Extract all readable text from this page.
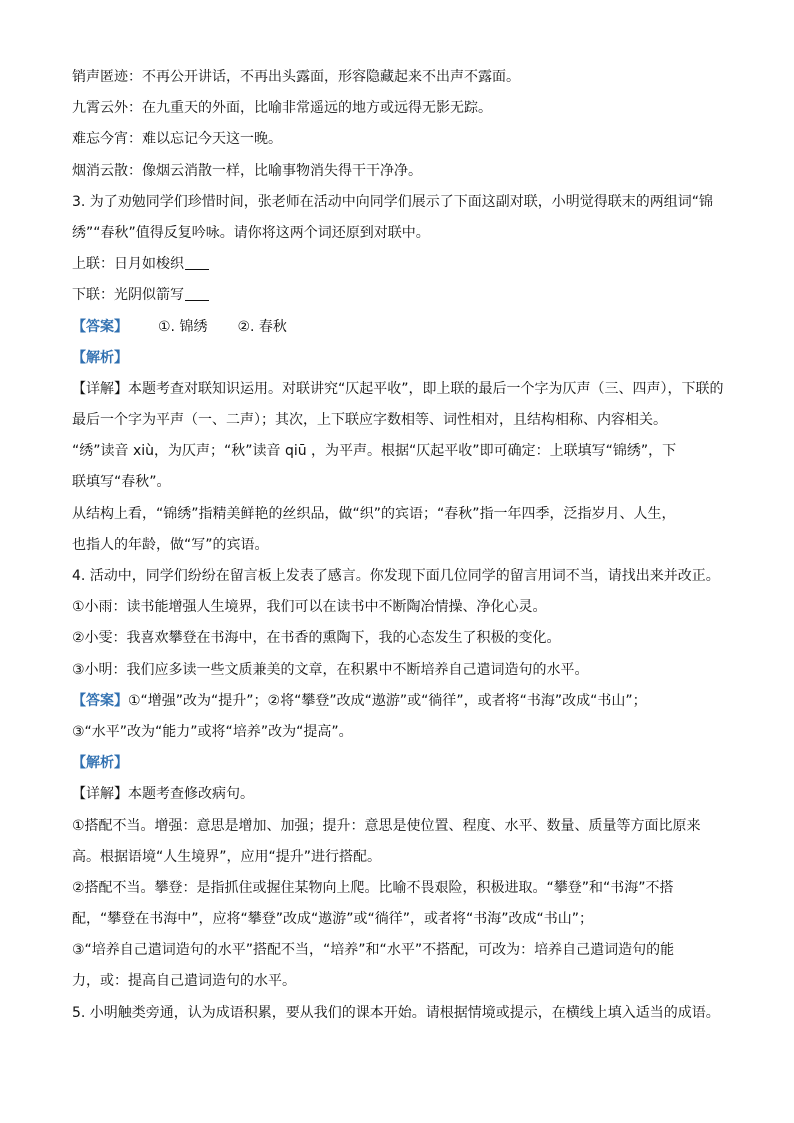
销声匿迹：不再公开讲话，不再出头露面，形容隐藏起来不出声不露面。
九霄云外：在九重天的外面，比喻非常遥远的地方或远得无影无踪。
难忘今宵：难以忘记今天这一晚。
烟消云散：像烟云消散一样，比喻事物消失得干干净净。
3. 为了劝勉同学们珍惜时间，张老师在活动中向同学们展示了下面这副对联，小明觉得联末的两组词“锦
绣”“春秋”值得反复吟咏。请你将这两个词还原到对联中。
上联：日月如梭织
下联：光阴似箭写
【答案】 ①. 锦绣 ②. 春秋
【解析】
【详解】本题考查对联知识运用。对联讲究“仄起平收”，即上联的最后一个字为仄声（三、四声），下联的
最后一个字为平声（一、二声）；其次，上下联应字数相等、词性相对，且结构相称、内容相关。
“绣”读音 xiù，为仄声；“秋”读音 qiū ，为平声。根据“仄起平收”即可确定：上联填写“锦绣”，下
联填写“春秋”。
从结构上看，“锦绣”指精美鲜艳的丝织品，做“织”的宾语；“春秋”指一年四季，泛指岁月、人生，
也指人的年龄，做“写”的宾语。
4. 活动中，同学们纷纷在留言板上发表了感言。你发现下面几位同学的留言用词不当，请找出来并改正。
①小雨：读书能增强人生境界，我们可以在读书中不断陶冶情操、净化心灵。
②小雯：我喜欢攀登在书海中，在书香的熏陶下，我的心态发生了积极的变化。
③小明：我们应多读一些文质兼美的文章，在积累中不断培养自己遣词造句的水平。
【答案】①“增强”改为“提升”；②将“攀登”改成“遨游”或“徜徉”，或者将“书海”改成“书山”；
③“水平”改为“能力”或将“培养”改为“提高”。
【解析】
【详解】本题考查修改病句。
①搭配不当。增强：意思是增加、加强；提升：意思是使位置、程度、水平、数量、质量等方面比原来
高。根据语境“人生境界”，应用“提升”进行搭配。
②搭配不当。攀登：是指抓住或握住某物向上爬。比喻不畏艰险，积极进取。“攀登”和“书海”不搭
配，“攀登在书海中”，应将“攀登”改成“遨游”或“徜徉”，或者将“书海”改成“书山”；
③“培养自己遣词造句的水平”搭配不当，“培养”和“水平”不搭配，可改为：培养自己遣词造句的能
力，或：提高自己遣词造句的水平。
5. 小明触类旁通，认为成语积累，要从我们的课本开始。请根据情境或提示，在横线上填入适当的成语。
